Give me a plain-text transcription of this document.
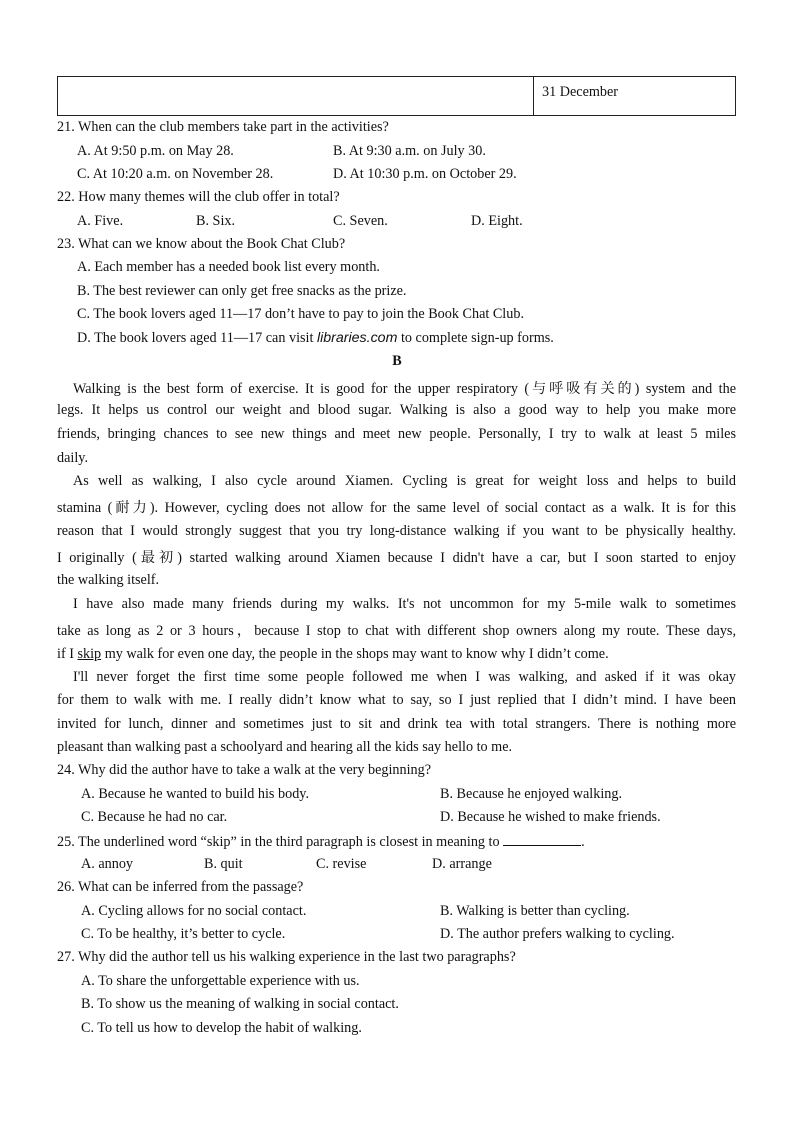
31 December
21. When can the club members take part in the activities?
A. At 9:50 p.m. on May 28.	B. At 9:30 a.m. on July 30.
C. At 10:20 a.m. on November 28.	D. At 10:30 p.m. on October 29.
22. How many themes will the club offer in total?
A. Five.	B. Six.	C. Seven.	D. Eight.
23. What can we know about the Book Chat Club?
A. Each member has a needed book list every month.
B. The best reviewer can only get free snacks as the prize.
C. The book lovers aged 11—17 don’t have to pay to join the Book Chat Club.
D. The book lovers aged 11—17 can visit libraries.com to complete sign-up forms.
B
Walking is the best form of exercise. It is good for the upper respiratory (与呼吸有关的) system and the
legs. It helps us control our weight and blood sugar. Walking is also a good way to help you make more
friends, bringing chances to see new things and meet new people. Personally, I try to walk at least 5 miles
daily.
As well as walking, I also cycle around Xiamen. Cycling is great for weight loss and helps to build
stamina (耐力). However, cycling does not allow for the same level of social contact as a walk. It is for this
reason that I would strongly suggest that you try long-distance walking if you want to be physically healthy.
I originally (最初) started walking around Xiamen because I didn't have a car, but I soon started to enjoy
the walking itself.
I have also made many friends during my walks. It's not uncommon for my 5-mile walk to sometimes
take as long as 2 or 3 hours，because I stop to chat with different shop owners along my route. These days,
if I skip my walk for even one day, the people in the shops may want to know why I didn’t come.
I'll never forget the first time some people followed me when I was walking, and asked if it was okay
for them to walk with me. I really didn’t know what to say, so I just replied that I didn’t mind. I have been
invited for lunch, dinner and sometimes just to sit and drink tea with total strangers. There is nothing more
pleasant than walking past a schoolyard and hearing all the kids say hello to me.
24. Why did the author have to take a walk at the very beginning?
A. Because he wanted to build his body.	B. Because he enjoyed walking.
C. Because he had no car.	D. Because he wished to make friends.
25. The underlined word “skip” in the third paragraph is closest in meaning to	.
A. annoy	B. quit	C. revise	D. arrange
26. What can be inferred from the passage?
A. Cycling allows for no social contact.	B. Walking is better than cycling.
C. To be healthy, it’s better to cycle.	D. The author prefers walking to cycling.
27. Why did the author tell us his walking experience in the last two paragraphs?
A. To share the unforgettable experience with us.
B. To show us the meaning of walking in social contact.
C. To tell us how to develop the habit of walking.
